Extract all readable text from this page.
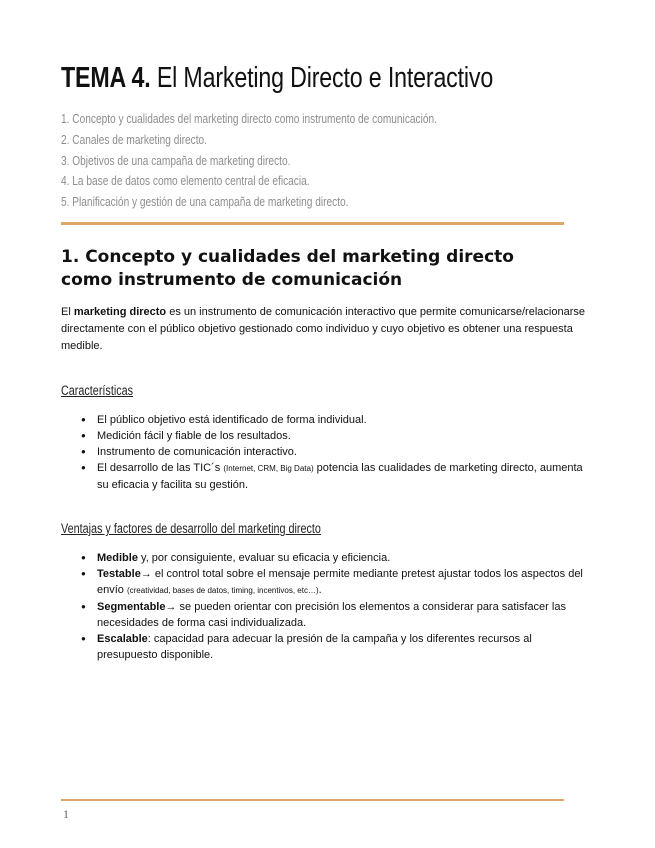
TEMA 4. El Marketing Directo e Interactivo
1. Concepto y cualidades del marketing directo como instrumento de comunicación.
2. Canales de marketing directo.
3. Objetivos de una campaña de marketing directo.
4. La base de datos como elemento central de eficacia.
5. Planificación y gestión de una campaña de marketing directo.
1. Concepto y cualidades del marketing directo como instrumento de comunicación

El marketing directo es un instrumento de comunicación interactivo que permite comunicarse/relacionarse directamente con el público objetivo gestionado como individuo y cuyo objetivo es obtener una respuesta medible.

Características
● El público objetivo está identificado de forma individual.
● Medición fácil y fiable de los resultados.
● Instrumento de comunicación interactivo.
● El desarrollo de las TIC´s (Internet, CRM, Big Data) potencia las cualidades de marketing directo, aumenta su eficacia y facilita su gestión.
Ventajas y factores de desarrollo del marketing directo
● Medible y, por consiguiente, evaluar su eficacia y eficiencia.
● Testable→ el control total sobre el mensaje permite mediante pretest ajustar todos los aspectos del envío (creatividad, bases de datos, timing, incentivos, etc…).
● Segmentable→ se pueden orientar con precisión los elementos a considerar para satisfacer las necesidades de forma casi individualizada.
● Escalable: capacidad para adecuar la presión de la campaña y los diferentes recursos al presupuesto disponible.
1
